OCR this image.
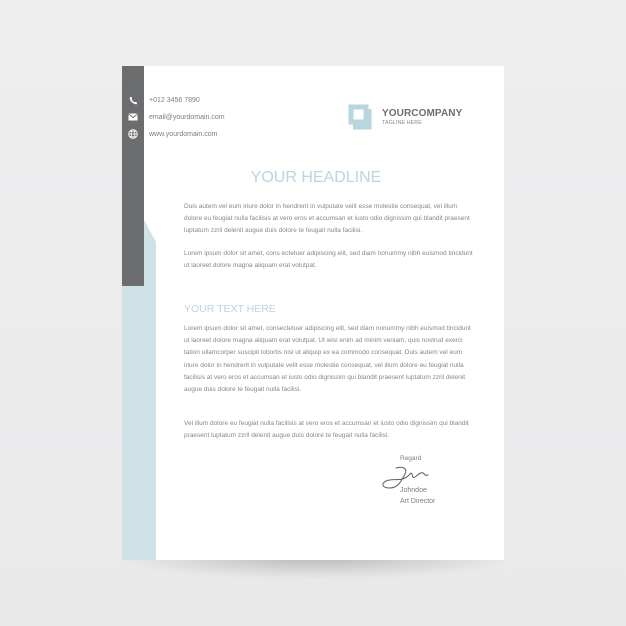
+012 3456 7890
email@yourdomain.com
www.yourdomain.com
YOURCOMPANY
TAGLINE HERE
YOUR HEADLINE

Duis autem vel eum iriure dolor in hendrerit in vulputate velit esse molestie consequat, vel illum dolore eu feugiat nulla facilisis at vero eros et accumsan et iusto odio dignissim qui blandit praesent luptatum zzril delenit augue duis dolore te feugait nulla facilisi.

Lorem ipsum dolor sit amet, cons ectetuer adipiscing elit, sed diam nonummy nibh euismod tincidunt ut laoreet dolore magna aliquam erat volutpat.

YOUR TEXT HERE

Lorem ipsum dolor sit amet, consectetuer adipiscing elit, sed diam nonummy nibh euismod tincidunt ut laoreet dolore magna aliquam erat volutpat. Ut wisi enim ad minim veniam, quis nostrud exerci tation ullamcorper suscipit lobortis nisl ut aliquip ex ea commodo consequat. Duis autem vel eum iriure dolor in hendrerit in vulputate velit esse molestie consequat, vel illum dolore eu feugiat nulla facilisis at vero eros et accumsan et iusto odio dignissim qui blandit praesent luptatum zzril delenit augue duis dolore te feugait nulla facilisi.

Vel illum dolore eu feugiat nulla facilisis at vero eros et accumsan et iusto odio dignissim qui blandit praesent luptatum zzril delenit augue duis dolore te feugait nulla facilisi.

Regard
Johndoe
Art Director
